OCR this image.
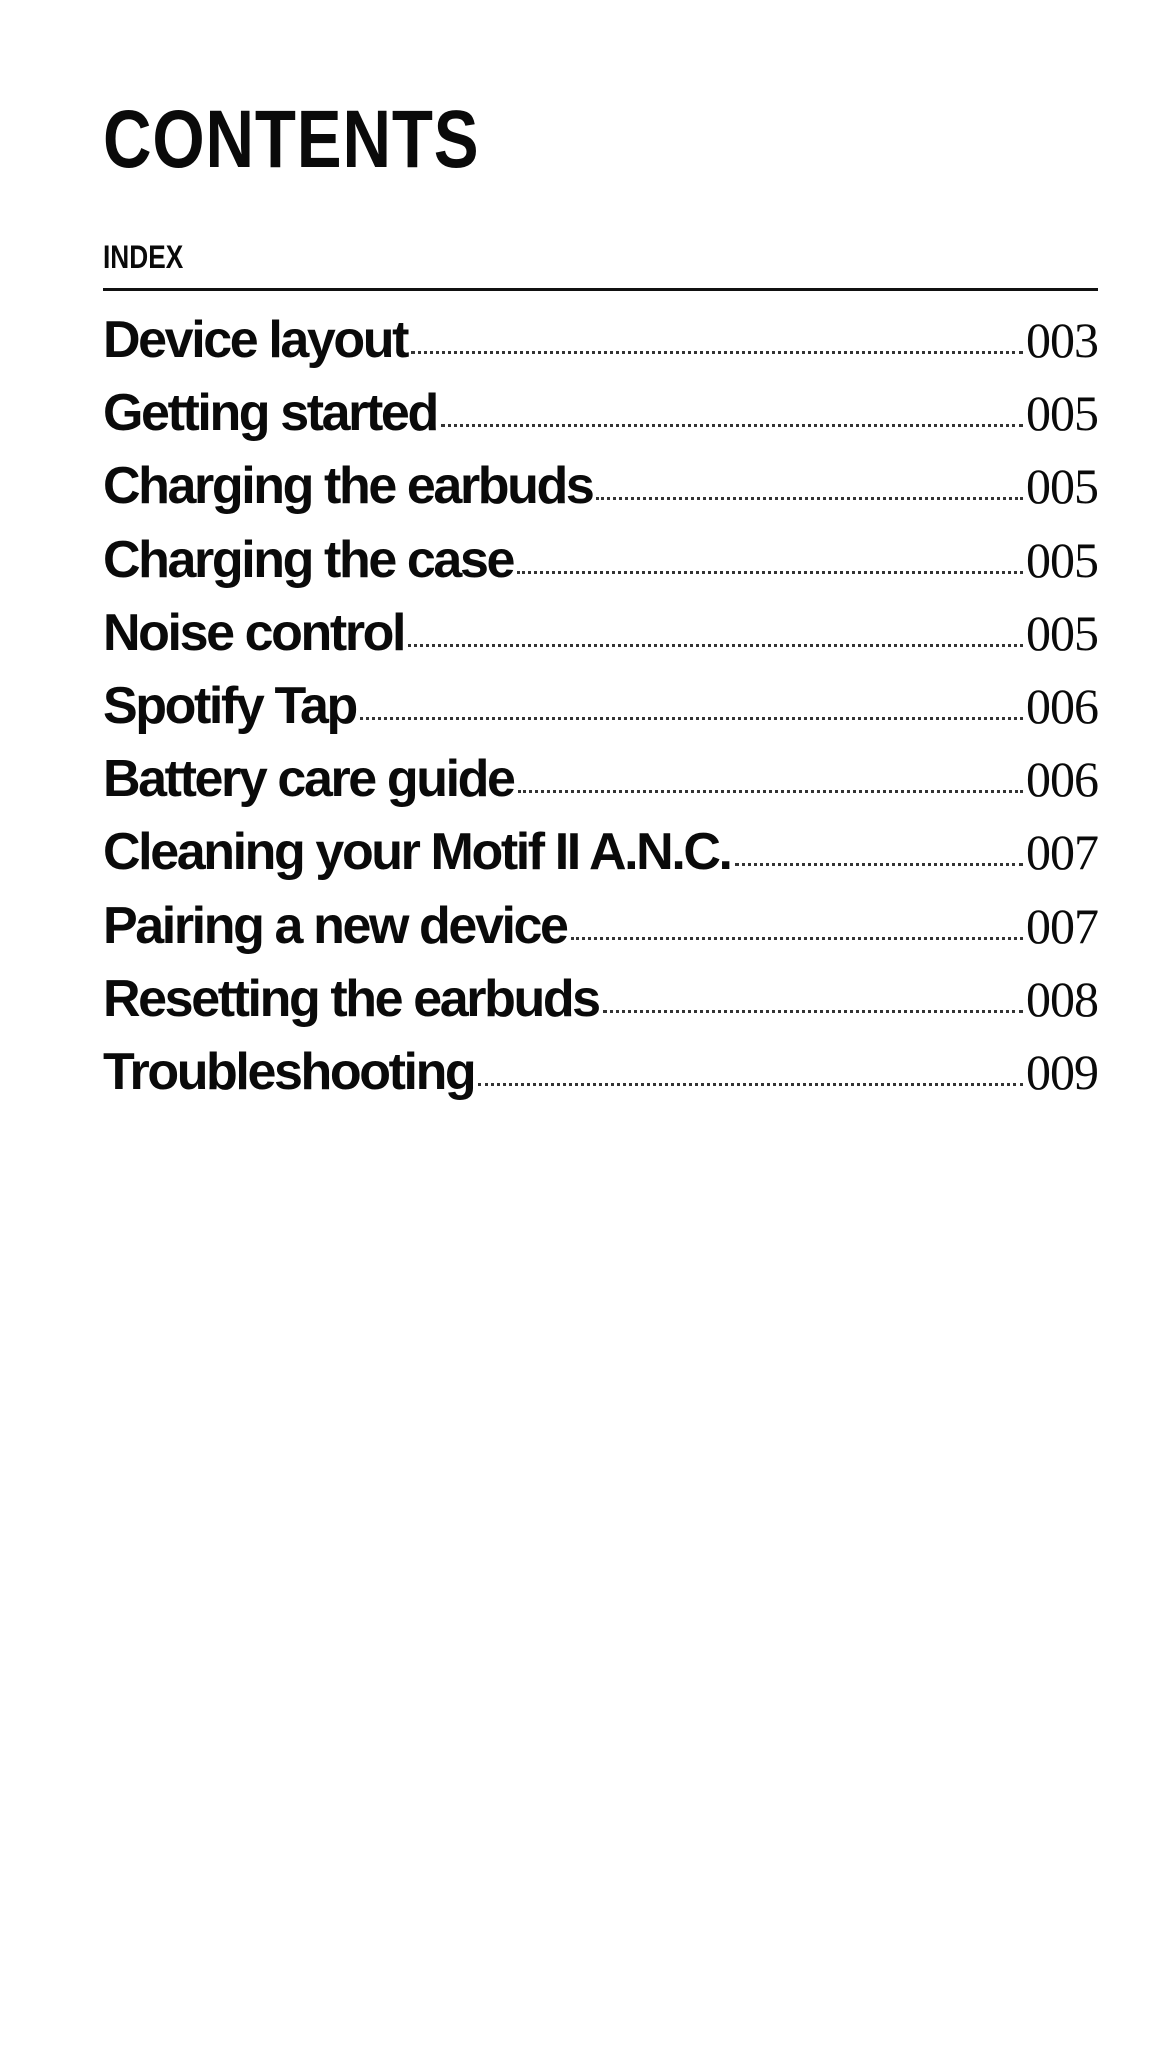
CONTENTS
INDEX
Device layout	003
Getting started	005
Charging the earbuds	005
Charging the case	005
Noise control	005
Spotify Tap	006
Battery care guide	006
Cleaning your Motif II A.N.C.	007
Pairing a new device	007
Resetting the earbuds	008
Troubleshooting	009
